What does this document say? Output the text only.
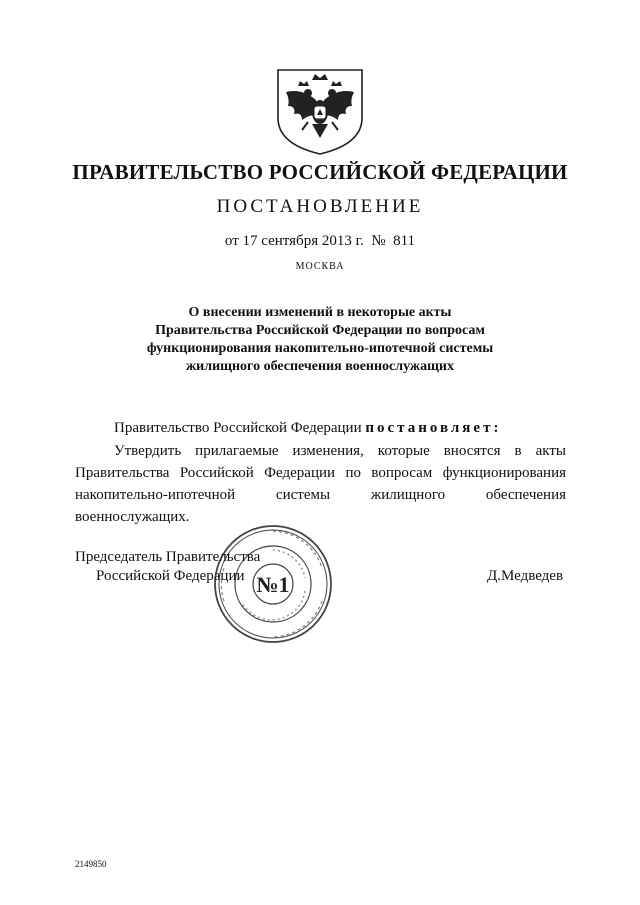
ПРАВИТЕЛЬСТВО РОССИЙСКОЙ ФЕДЕРАЦИИ
ПОСТАНОВЛЕНИЕ
от 17 сентября 2013 г.  №  811
МОСКВА
О внесении изменений в некоторые акты
Правительства Российской Федерации по вопросам
функционирования накопительно-ипотечной системы
жилищного обеспечения военнослужащих
Правительство Российской Федерации постановляет:
Утвердить прилагаемые изменения, которые вносятся в акты
Правительства Российской Федерации по вопросам функционирования
накопительно-ипотечной системы жилищного обеспечения
военнослужащих.
Председатель Правительства
Российской Федерации	Д.Медведев
№1
2149850
